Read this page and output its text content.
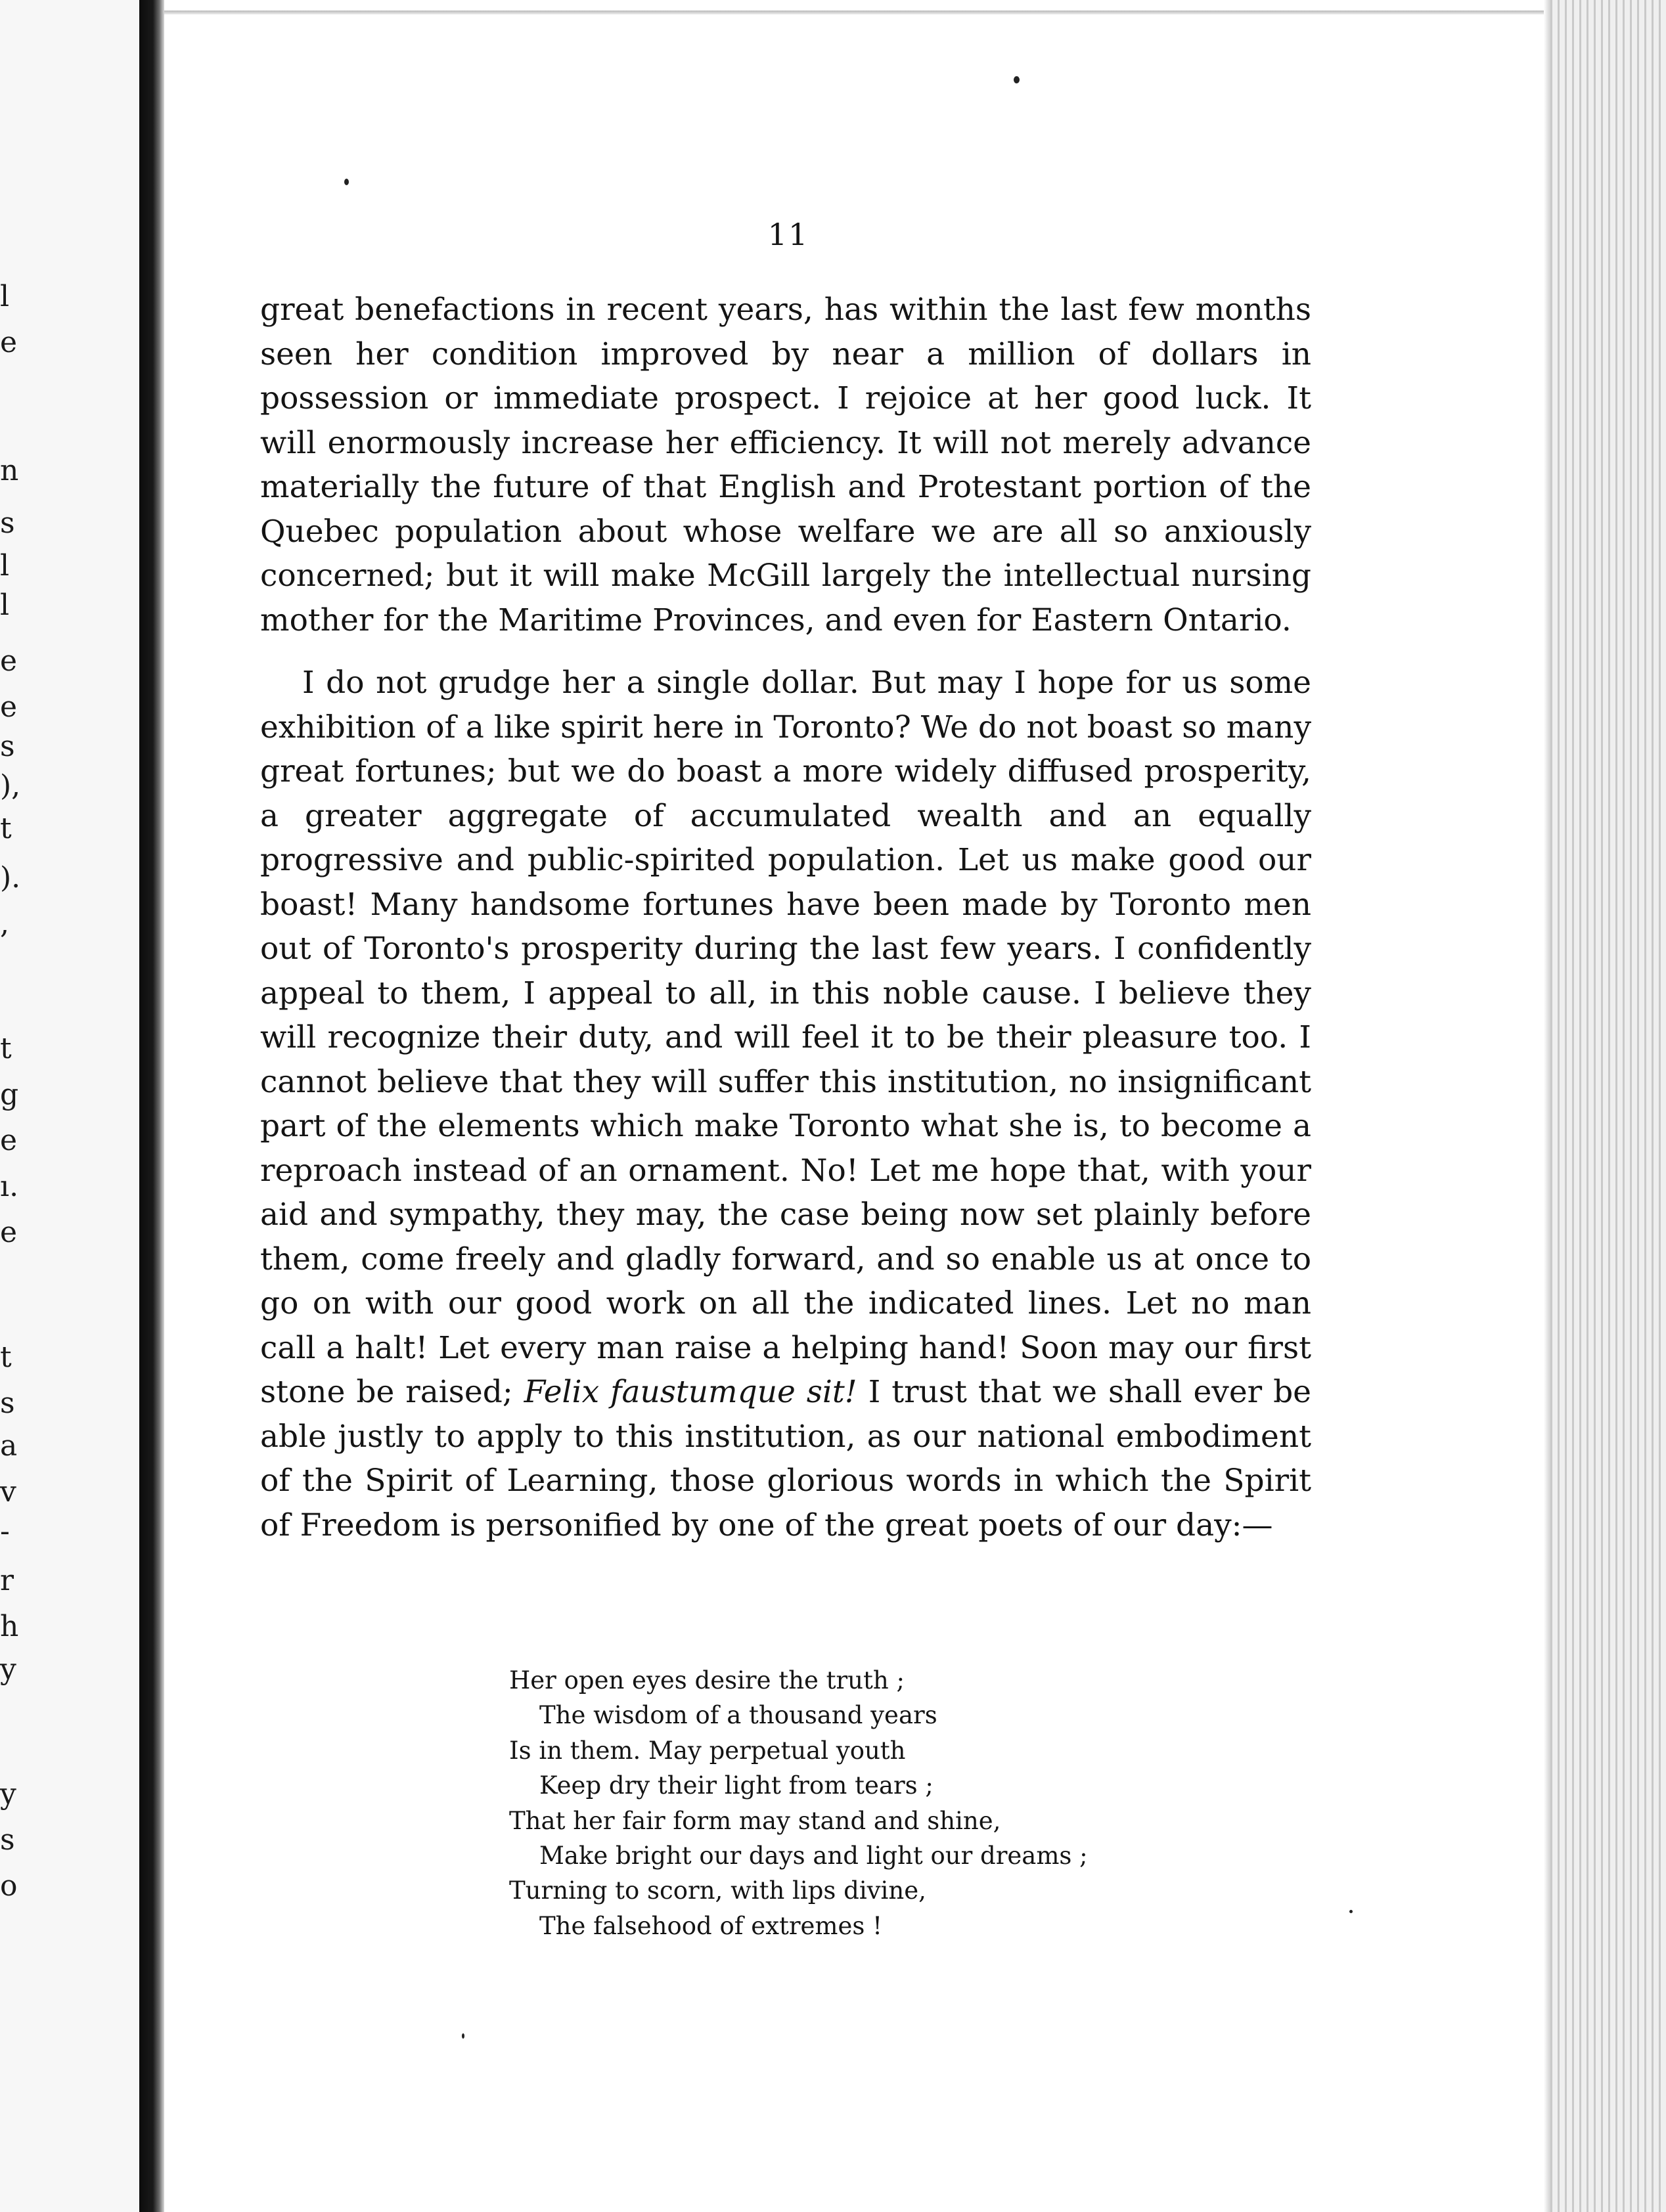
l
e
n
s
l
l
e
e
s
),
t
).
,
t
g
e
ı.
e
t
s
a
v
-
r
h
y
y
s
o
11

great benefactions in recent years, has within the last few months seen her condition improved by near a million of dollars in possession or immediate prospect. I rejoice at her good luck. It will enormously increase her efficiency. It will not merely advance materially the future of that English and Protestant portion of the Quebec population about whose welfare we are all so anxiously concerned; but it will make McGill largely the intellectual nursing mother for the Maritime Provinces, and even for Eastern Ontario.

I do not grudge her a single dollar. But may I hope for us some exhibition of a like spirit here in Toronto? We do not boast so many great fortunes; but we do boast a more widely diffused prosperity, a greater aggregate of accumulated wealth and an equally progressive and public-spirited population. Let us make good our boast! Many handsome fortunes have been made by Toronto men out of Toronto's prosperity during the last few years. I confidently appeal to them, I appeal to all, in this noble cause. I believe they will recognize their duty, and will feel it to be their pleasure too. I cannot believe that they will suffer this institution, no insignificant part of the elements which make Toronto what she is, to become a reproach instead of an ornament. No! Let me hope that, with your aid and sympathy, they may, the case being now set plainly before them, come freely and gladly forward, and so enable us at once to go on with our good work on all the indicated lines. Let no man call a halt! Let every man raise a helping hand! Soon may our first stone be raised; Felix faustumque sit! I trust that we shall ever be able justly to apply to this institution, as our national embodiment of the Spirit of Learning, those glorious words in which the Spirit of Freedom is personified by one of the great poets of our day:—

Her open eyes desire the truth ;
The wisdom of a thousand years
Is in them. May perpetual youth
Keep dry their light from tears ;
That her fair form may stand and shine,
Make bright our days and light our dreams ;
Turning to scorn, with lips divine,
The falsehood of extremes !
